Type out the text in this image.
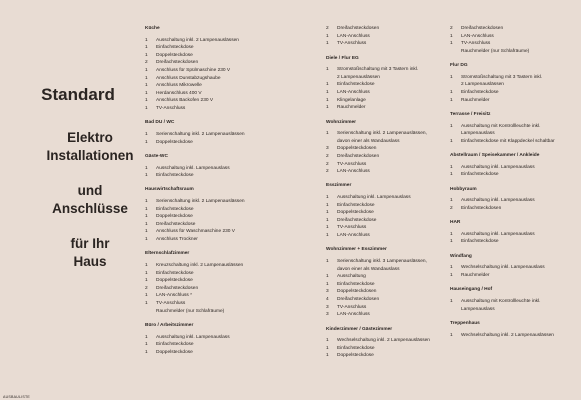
Standard
Elektro
Installationen
und
Anschlüsse
für Ihr
Haus
Küche
1	Ausschaltung inkl. 2 Lampenauslässen
1	Einfachsteckdose
1	Doppelsteckdose
2	Dreifachsteckdosen
1	Anschluss für Spülmaschine 230 V
1	Anschluss Dunstabzugshaube
1	Anschluss Mikrowelle
1	Herdanschluss 400 V
1	Anschluss Backofen 230 V
1	TV-Anschluss
Bad DU / WC
1	Serienschaltung inkl. 2 Lampenauslässen
1	Doppelsteckdose
Gäste-WC
1	Ausschaltung inkl. Lampenauslass
1	Einfachsteckdose
Hauswirtschaftsraum
1	Serienschaltung inkl. 2 Lampenauslässen
1	Einfachsteckdose
1	Doppelsteckdose
1	Dreifachsteckdose
1	Anschluss für Waschmaschine 230 V
1	Anschluss Trockner
Elternschlafzimmer
1	Kreuzschaltung inkl. 2 Lampenauslässen
1	Einfachsteckdose
1	Doppelsteckdose
2	Dreifachsteckdosen
1	LAN-Anschluss *
1	TV-Anschluss
Rauchmelder (nur Schlafräume)
Büro / Arbeitszimmer
1	Ausschaltung inkl. Lampenauslass
1	Einfachsteckdose
1	Doppelsteckdose
2	Dreifachsteckdosen
1	LAN-Anschluss
1	TV-Anschluss
Diele / Flur EG
1	Stromstoßschaltung mit 3 Tastern inkl.
2 Lampenauslässen
1	Einfachsteckdose
1	LAN-Anschluss
1	Klingelanlage
1	Rauchmelder
Wohnzimmer
1	Serienschaltung inkl. 2 Lampenauslässen,
davon einer als Wandauslass
3	Doppelsteckdosen
2	Dreifachsteckdosen
2	TV-Anschluss
2	LAN-Anschluss
Esszimmer
1	Ausschaltung inkl. Lampenauslass
1	Einfachsteckdose
1	Doppelsteckdose
1	Dreifachsteckdose
1	TV-Anschluss
1	LAN-Anschluss
Wohnzimmer + Esszimmer
1	Serienschaltung inkl. 3 Lampenauslässen,
davon einer als Wandauslass
1	Ausschaltung
1	Einfachsteckdose
3	Doppelsteckdosen
4	Dreifachsteckdosen
3	TV-Anschluss
3	LAN-Anschluss
Kinderzimmer / Gästezimmer
1	Wechselschaltung inkl. 2 Lampenauslässen
1	Einfachsteckdose
1	Doppelsteckdose
2	Dreifachsteckdosen
1	LAN-Anschluss
1	TV-Anschluss
Rauchmelder (nur Schlafräume)
Flur DG
1	Stromstoßschaltung mit 3 Tastern inkl.
2 Lampenauslässen
1	Einfachsteckdose
1	Rauchmelder
Terrasse / Freisitz
1	Ausschaltung mit Kontrollleuchte inkl.
Lampenauslass
1	Einfachsteckdose mit Klappdeckel schaltbar
Abstellraum / Speisekammer / Ankleide
1	Ausschaltung inkl. Lampenauslass
1	Einfachsteckdose
Hobbyraum
1	Ausschaltung inkl. Lampenauslass
2	Einfachsteckdosen
HAR
1	Ausschaltung inkl. Lampenauslass
1	Einfachsteckdose
Windfang
1	Wechselschaltung inkl. Lampenauslass
1	Rauchmelder
Hauseingang / Hof
1	Ausschaltung mit Kontrollleuchte inkl.
Lampenauslass
Treppenhaus
1	Wechselschaltung inkl. 2 Lampenauslässen
AUSBAULISTE
